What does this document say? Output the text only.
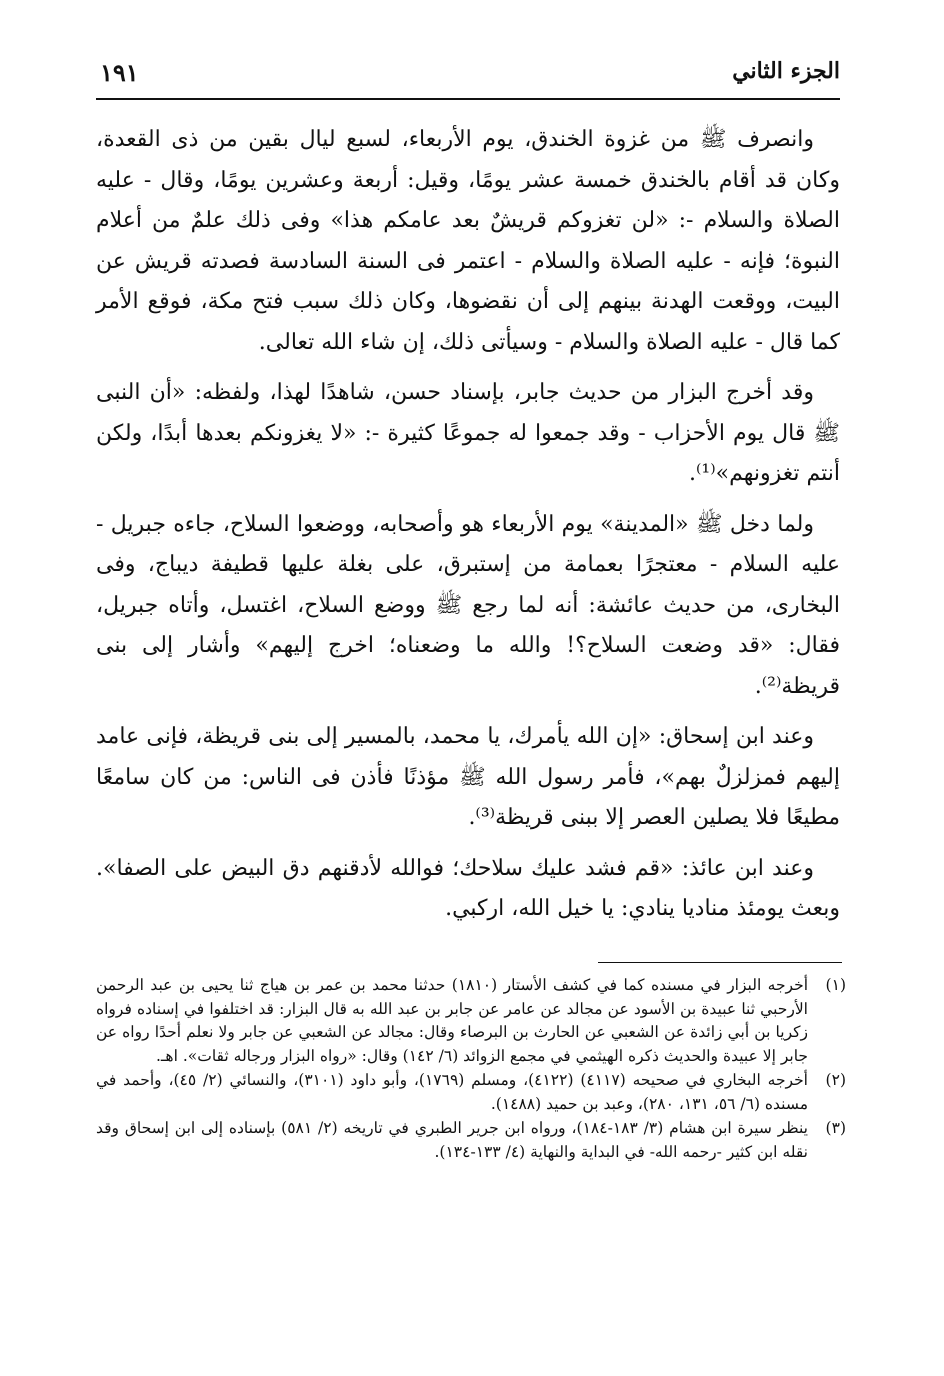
الجزء الثاني
١٩١

وانصرف ﷺ من غزوة الخندق، يوم الأربعاء، لسبع ليال بقين من ذى القعدة، وكان قد أقام بالخندق خمسة عشر يومًا، وقيل: أربعة وعشرين يومًا، وقال - عليه الصلاة والسلام -: «لن تغزوكم قريشٌ بعد عامكم هذا» وفى ذلك علمٌ من أعلام النبوة؛ فإنه - عليه الصلاة والسلام - اعتمر فى السنة السادسة فصدته قريش عن البيت، ووقعت الهدنة بينهم إلى أن نقضوها، وكان ذلك سبب فتح مكة، فوقع الأمر كما قال - عليه الصلاة والسلام - وسيأتى ذلك، إن شاء الله تعالى.

وقد أخرج البزار من حديث جابر، بإسناد حسن، شاهدًا لهذا، ولفظه: «أن النبى ﷺ قال يوم الأحزاب - وقد جمعوا له جموعًا كثيرة -: «لا يغزونكم بعدها أبدًا، ولكن أنتم تغزونهم»⁽¹⁾.

ولما دخل ﷺ «المدينة» يوم الأربعاء هو وأصحابه، ووضعوا السلاح، جاءه جبريل - عليه السلام - معتجرًا بعمامة من إستبرق، على بغلة عليها قطيفة ديباج، وفى البخارى، من حديث عائشة: أنه لما رجع ﷺ ووضع السلاح، اغتسل، وأتاه جبريل، فقال: «قد وضعت السلاح؟! والله ما وضعناه؛ اخرج إليهم» وأشار إلى بنى قريظة⁽²⁾.

وعند ابن إسحاق: «إن الله يأمرك، يا محمد، بالمسير إلى بنى قريظة، فإنى عامد إليهم فمزلزلٌ بهم»، فأمر رسول الله ﷺ مؤذنًا فأذن فى الناس: من كان سامعًا مطيعًا فلا يصلين العصر إلا ببنى قريظة⁽³⁾.

وعند ابن عائذ: «قم فشد عليك سلاحك؛ فوالله لأدقنهم دق البيض على الصفا». وبعث يومئذ مناديا ينادي: يا خيل الله، اركبي.

(١)
أخرجه البزار في مسنده كما في كشف الأستار (١٨١٠) حدثنا محمد بن عمر بن هياج ثنا يحيى بن عبد الرحمن الأرحبي ثنا عبيدة بن الأسود عن مجالد عن عامر عن جابر بن عبد الله به قال البزار: قد اختلفوا في إسناده فرواه زكريا بن أبي زائدة عن الشعبي عن الحارث بن البرصاء وقال: مجالد عن الشعبي عن جابر ولا نعلم أحدًا رواه عن جابر إلا عبيدة والحديث ذكره الهيثمي في مجمع الزوائد (٦/ ١٤٢) وقال: «رواه البزار ورجاله ثقات». اهـ.
(٢)
أخرجه البخاري في صحيحه (٤١١٧) (٤١٢٢)، ومسلم (١٧٦٩)، وأبو داود (٣١٠١)، والنسائي (٢/ ٤٥)، وأحمد في مسنده (٦/ ٥٦، ١٣١، ٢٨٠)، وعبد بن حميد (١٤٨٨).
(٣)
ينظر سيرة ابن هشام (٣/ ١٨٣-١٨٤)، ورواه ابن جرير الطبري في تاريخه (٢/ ٥٨١) بإسناده إلى ابن إسحاق وقد نقله ابن كثير -رحمه الله- في البداية والنهاية (٤/ ١٣٣-١٣٤).
